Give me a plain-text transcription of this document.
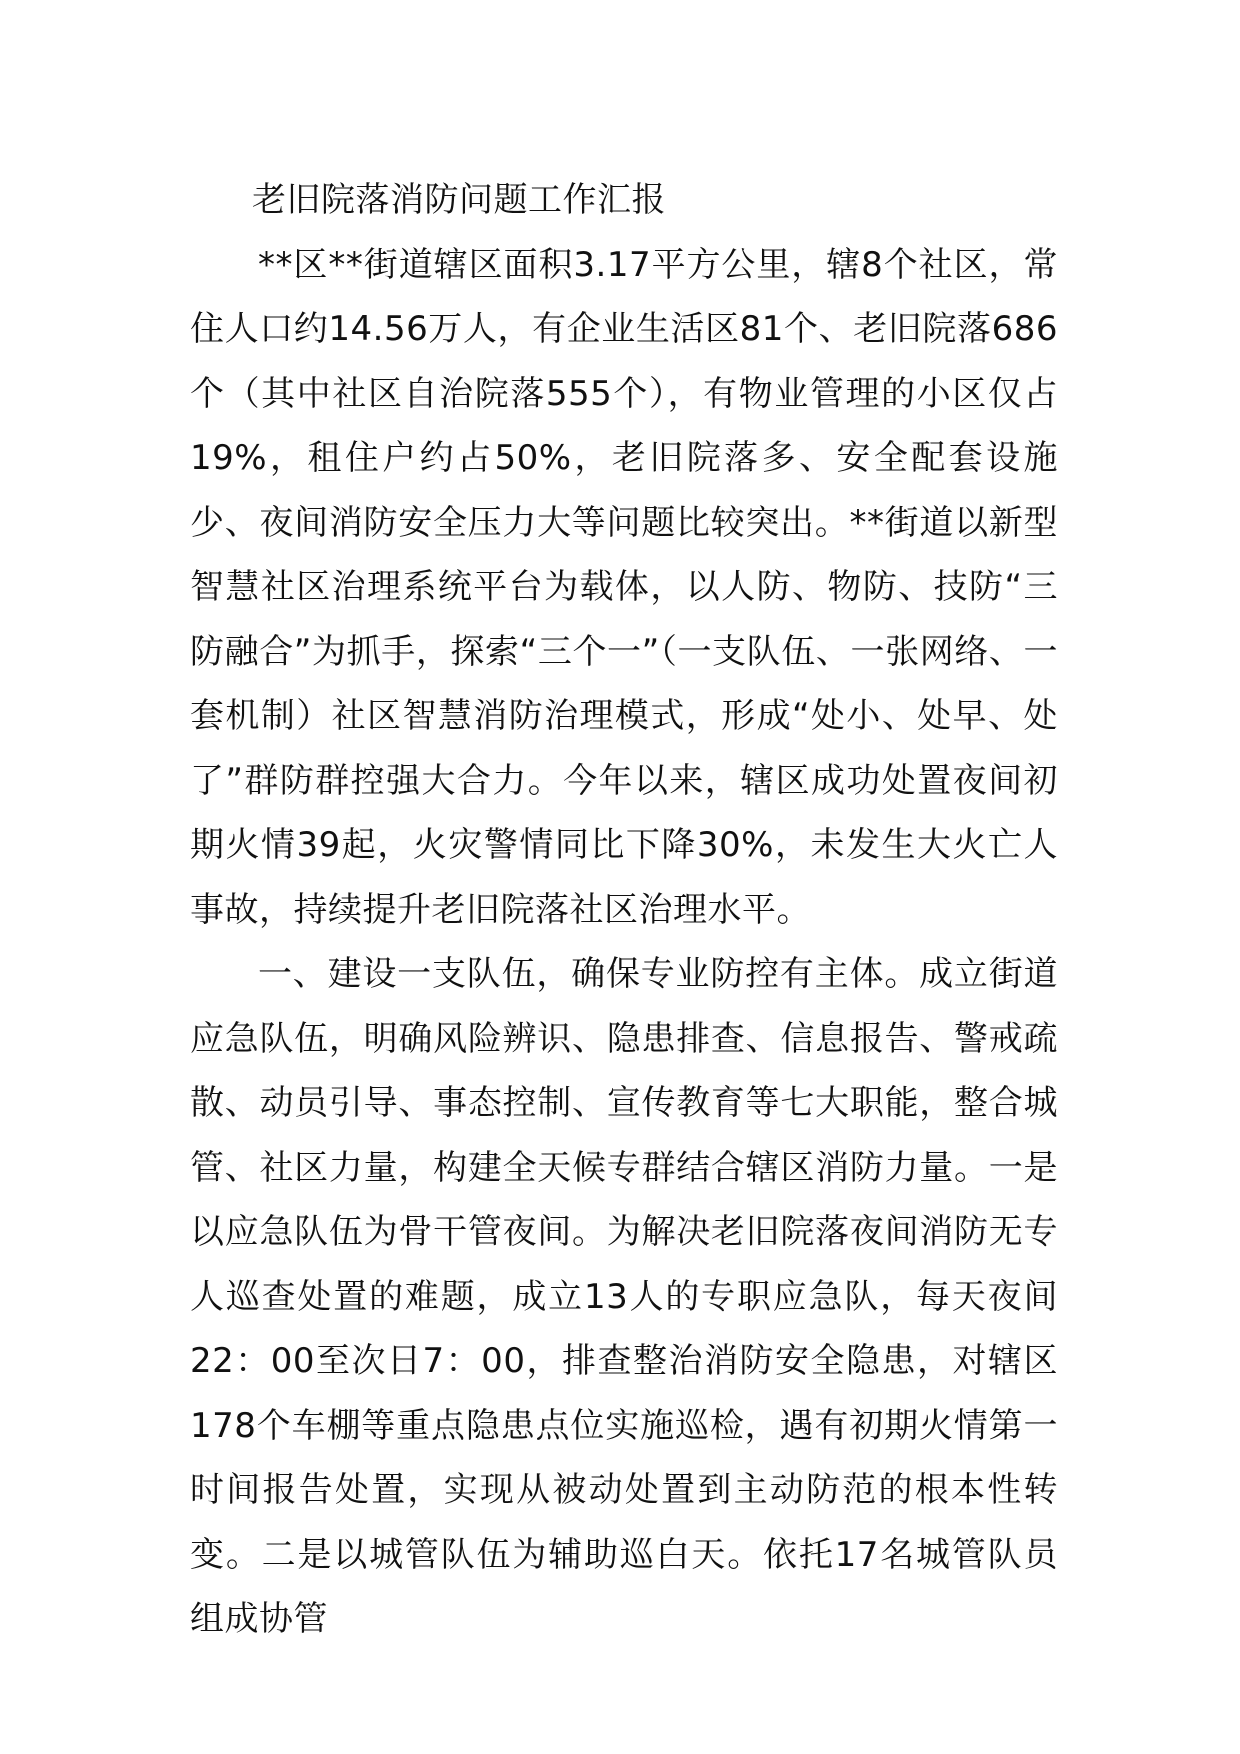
老旧院落消防问题工作汇报

**区**街道辖区面积3.17平方公里，辖8个社区，常住人口约14.56万人，有企业生活区81个、老旧院落686个（其中社区自治院落555个），有物业管理的小区仅占19%，租住户约占50%，老旧院落多、安全配套设施少、夜间消防安全压力大等问题比较突出。**街道以新型智慧社区治理系统平台为载体，以人防、物防、技防“三防融合”为抓手，探索“三个一”（一支队伍、一张网络、一套机制）社区智慧消防治理模式，形成“处小、处早、处了”群防群控强大合力。今年以来，辖区成功处置夜间初期火情39起，火灾警情同比下降30%，未发生大火亡人事故，持续提升老旧院落社区治理水平。

一、建设一支队伍，确保专业防控有主体。成立街道应急队伍，明确风险辨识、隐患排查、信息报告、警戒疏散、动员引导、事态控制、宣传教育等七大职能，整合城管、社区力量，构建全天候专群结合辖区消防力量。一是以应急队伍为骨干管夜间。为解决老旧院落夜间消防无专人巡查处置的难题，成立13人的专职应急队，每天夜间22：00至次日7：00，排查整治消防安全隐患，对辖区178个车棚等重点隐患点位实施巡检，遇有初期火情第一时间报告处置，实现从被动处置到主动防范的根本性转变。二是以城管队伍为辅助巡白天。依托17名城管队员组成协管
